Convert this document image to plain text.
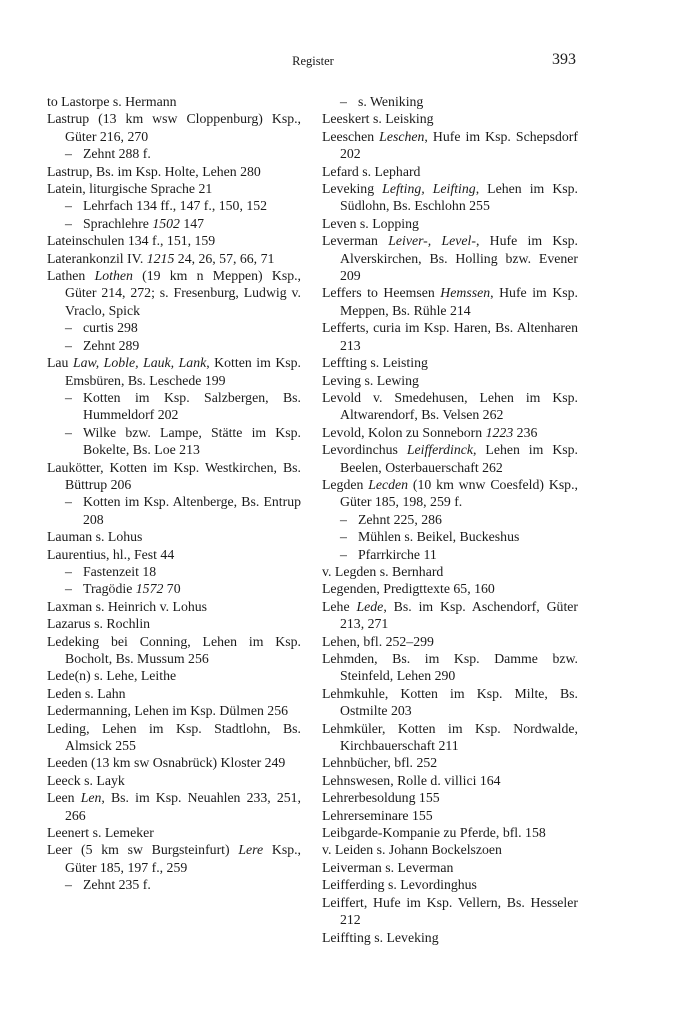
Register	393

to Lastorpe s. Hermann

Lastrup (13 km wsw Cloppenburg) Ksp., Güter 216, 270

– Zehnt 288 f.

Lastrup, Bs. im Ksp. Holte, Lehen 280

Latein, liturgische Sprache 21

– Lehrfach 134 ff., 147 f., 150, 152

– Sprachlehre 1502 147

Lateinschulen 134 f., 151, 159

Laterankonzil IV. 1215 24, 26, 57, 66, 71

Lathen Lothen (19 km n Meppen) Ksp., Güter 214, 272; s. Fresenburg, Ludwig v. Vraclo, Spick

– curtis 298

– Zehnt 289

Lau Law, Loble, Lauk, Lank, Kotten im Ksp. Emsbüren, Bs. Leschede 199

– Kotten im Ksp. Salzbergen, Bs. Hummeldorf 202

– Wilke bzw. Lampe, Stätte im Ksp. Bokelte, Bs. Loe 213

Laukötter, Kotten im Ksp. Westkirchen, Bs. Büttrup 206

– Kotten im Ksp. Altenberge, Bs. Entrup 208

Lauman s. Lohus

Laurentius, hl., Fest 44

– Fastenzeit 18

– Tragödie 1572 70

Laxman s. Heinrich v. Lohus

Lazarus s. Rochlin

Ledeking bei Conning, Lehen im Ksp. Bocholt, Bs. Mussum 256

Lede(n) s. Lehe, Leithe

Leden s. Lahn

Ledermanning, Lehen im Ksp. Dülmen 256

Leding, Lehen im Ksp. Stadtlohn, Bs. Almsick 255

Leeden (13 km sw Osnabrück) Kloster 249

Leeck s. Layk

Leen Len, Bs. im Ksp. Neuahlen 233, 251, 266

Leenert s. Lemeker

Leer (5 km sw Burgsteinfurt) Lere Ksp., Güter 185, 197 f., 259

– Zehnt 235 f.

– s. Weniking

Leeskert s. Leisking

Leeschen Leschen, Hufe im Ksp. Schepsdorf 202

Lefard s. Lephard

Leveking Lefting, Leifting, Lehen im Ksp. Südlohn, Bs. Eschlohn 255

Leven s. Lopping

Leverman Leiver-, Level-, Hufe im Ksp. Alverskirchen, Bs. Holling bzw. Evener 209

Leffers to Heemsen Hemssen, Hufe im Ksp. Meppen, Bs. Rühle 214

Lefferts, curia im Ksp. Haren, Bs. Altenharen 213

Leffting s. Leisting

Leving s. Lewing

Levold v. Smedehusen, Lehen im Ksp. Altwarendorf, Bs. Velsen 262

Levold, Kolon zu Sonneborn 1223 236

Levordinchus Leifferdinck, Lehen im Ksp. Beelen, Osterbauerschaft 262

Legden Lecden (10 km wnw Coesfeld) Ksp., Güter 185, 198, 259 f.

– Zehnt 225, 286

– Mühlen s. Beikel, Buckeshus

– Pfarrkirche 11

v. Legden s. Bernhard

Legenden, Predigttexte 65, 160

Lehe Lede, Bs. im Ksp. Aschendorf, Güter 213, 271

Lehen, bfl. 252–299

Lehmden, Bs. im Ksp. Damme bzw. Steinfeld, Lehen 290

Lehmkuhle, Kotten im Ksp. Milte, Bs. Ostmilte 203

Lehmküler, Kotten im Ksp. Nordwalde, Kirchbauerschaft 211

Lehnbücher, bfl. 252

Lehnswesen, Rolle d. villici 164

Lehrerbesoldung 155

Lehrerseminare 155

Leibgarde-Kompanie zu Pferde, bfl. 158

v. Leiden s. Johann Bockelszoen

Leiverman s. Leverman

Leifferding s. Levordinghus

Leiffert, Hufe im Ksp. Vellern, Bs. Hesseler 212

Leiffting s. Leveking
